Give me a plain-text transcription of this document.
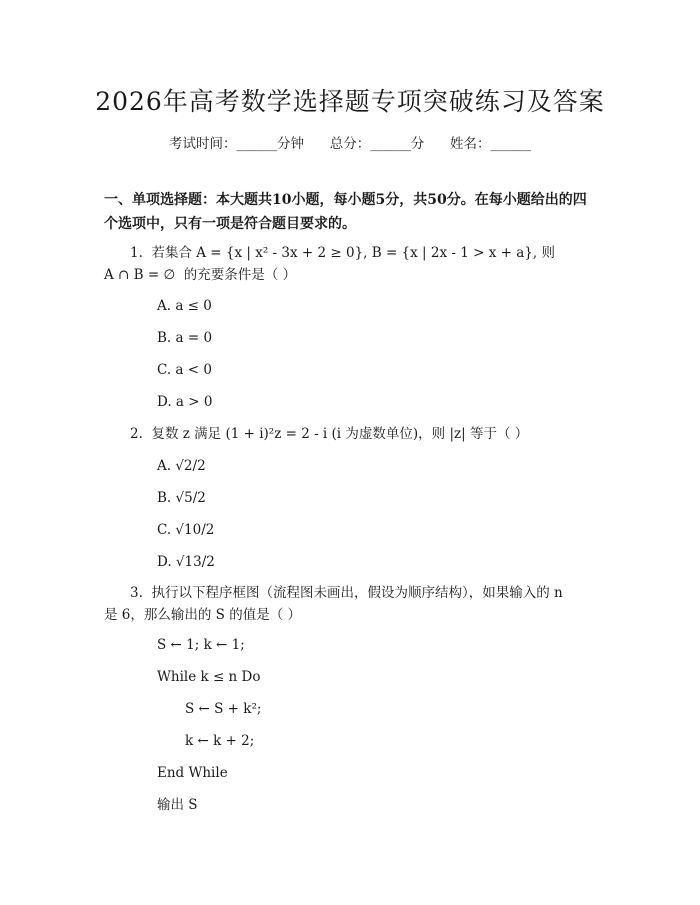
2026年高考数学选择题专项突破练习及答案
考试时间：______分钟      总分：______分      姓名：______
一、单项选择题：本大题共10小题，每小题5分，共50分。在每小题给出的四个选项中，只有一项是符合题目要求的。
1.  若集合 A = {x | x² - 3x + 2 ≥ 0}, B = {x | 2x - 1 > x + a}, 则
A ∩ B = ∅  的充要条件是（ ）
A. a ≤ 0
B. a = 0
C. a < 0
D. a > 0
2.  复数 z 满足 (1 + i)²z = 2 - i (i 为虚数单位)，则 |z| 等于（ ）
A. √2/2
B. √5/2
C. √10/2
D. √13/2
3.  执行以下程序框图（流程图未画出，假设为顺序结构），如果输入的 n
是 6，那么输出的 S 的值是（ ）
S ← 1; k ← 1;
While k ≤ n Do
S ← S + k²;
k ← k + 2;
End While
输出 S
